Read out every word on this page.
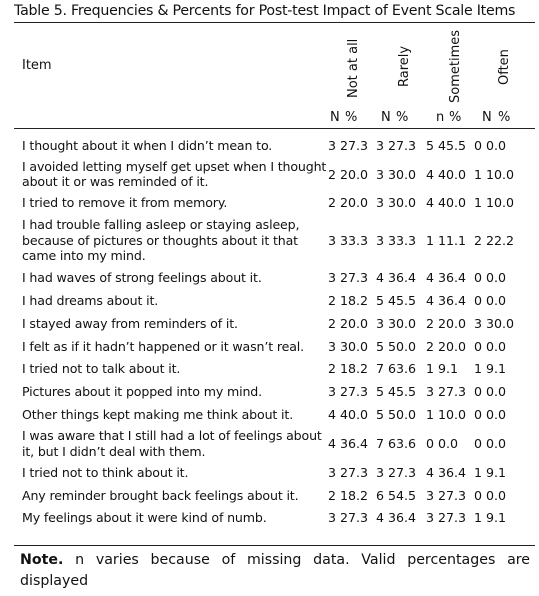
Table 5. Frequencies & Percents for Post-test Impact of Event Scale Items
Item	Not at all	Rarely	Sometimes	Often
N % N % n % N %
I thought about it when I didn’t mean to.	3	27.3	3	27.3	5	45.5	0	0.0
I avoided letting myself get upset when I thought about it or was reminded of it.	2	20.0	3	30.0	4	40.0	1	10.0
I tried to remove it from memory.	2	20.0	3	30.0	4	40.0	1	10.0
I had trouble falling asleep or staying asleep, because of pictures or thoughts about it that came into my mind.	3	33.3	3	33.3	1	11.1	2	22.2
I had waves of strong feelings about it.	3	27.3	4	36.4	4	36.4	0	0.0
I had dreams about it.	2	18.2	5	45.5	4	36.4	0	0.0
I stayed away from reminders of it.	2	20.0	3	30.0	2	20.0	3	30.0
I felt as if it hadn’t happened or it wasn’t real.	3	30.0	5	50.0	2	20.0	0	0.0
I tried not to talk about it.	2	18.2	7	63.6	1	9.1	1	9.1
Pictures about it popped into my mind.	3	27.3	5	45.5	3	27.3	0	0.0
Other things kept making me think about it.	4	40.0	5	50.0	1	10.0	0	0.0
I was aware that I still had a lot of feelings about it, but I didn’t deal with them.	4	36.4	7	63.6	0	0.0	0	0.0
I tried not to think about it.	3	27.3	3	27.3	4	36.4	1	9.1
Any reminder brought back feelings about it.	2	18.2	6	54.5	3	27.3	0	0.0
My feelings about it were kind of numb.	3	27.3	4	36.4	3	27.3	1	9.1
Note. n varies because of missing data. Valid percentages are displayed
